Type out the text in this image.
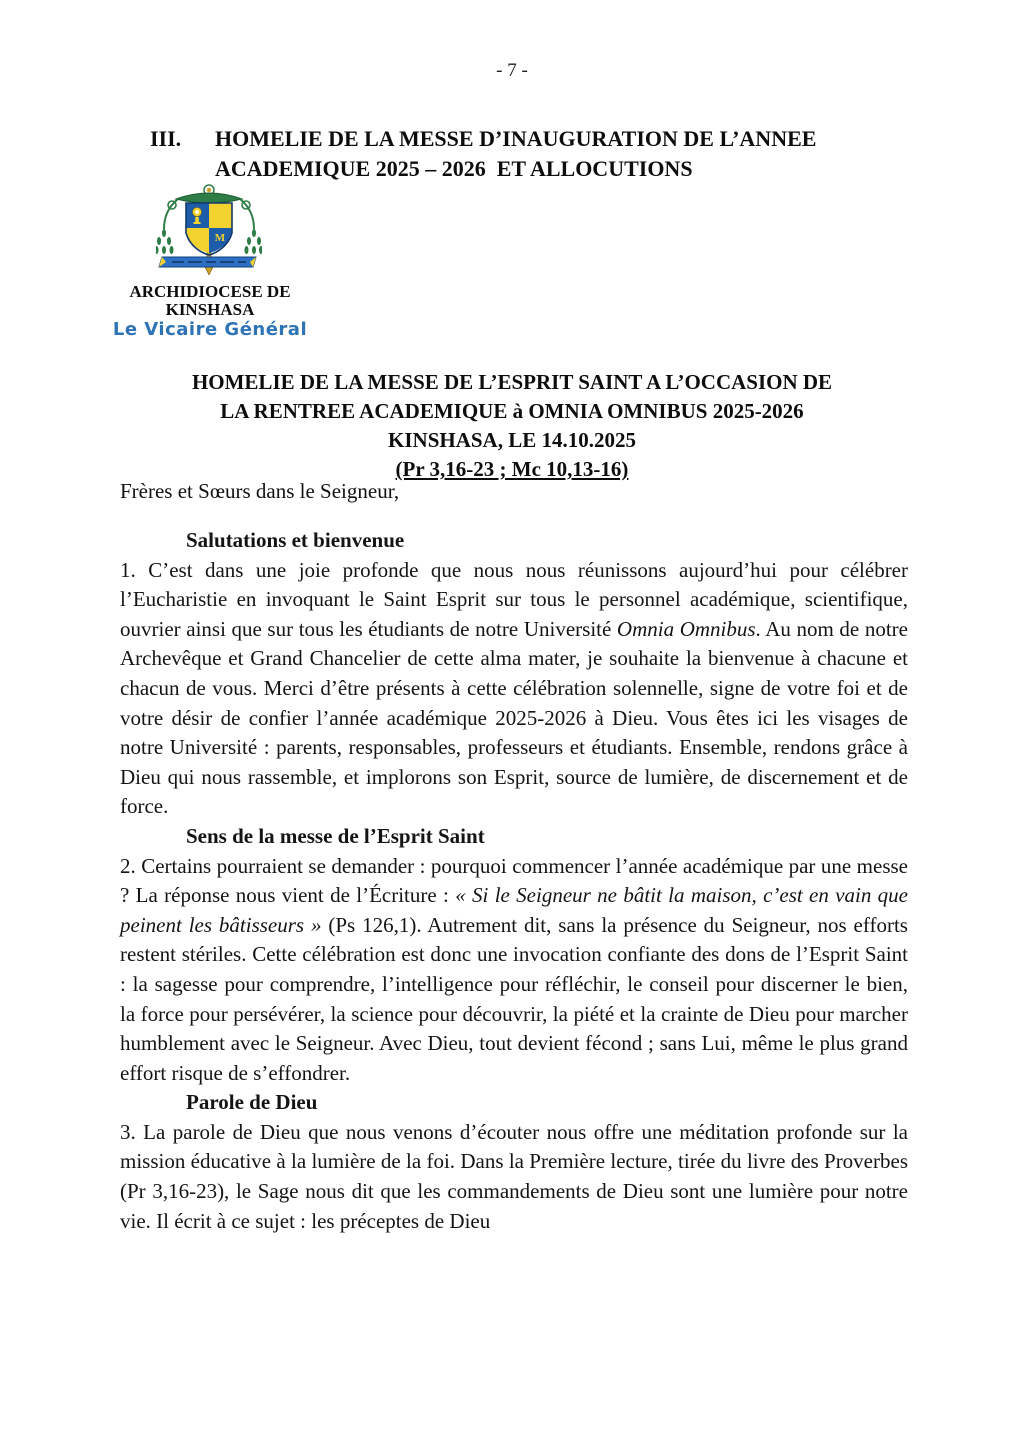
- 7 -
III.	HOMELIE DE LA MESSE D’INAUGURATION DE L’ANNEE ACADEMIQUE 2025 – 2026  ET ALLOCUTIONS
M
ARCHIDIOCESE DE
KINSHASA
Le Vicaire Général
HOMELIE DE LA MESSE DE L’ESPRIT SAINT A L’OCCASION DE
LA RENTREE ACADEMIQUE à OMNIA OMNIBUS 2025-2026
KINSHASA, LE 14.10.2025
(Pr 3,16-23 ; Mc 10,13-16)
Frères et Sœurs dans le Seigneur,

Salutations et bienvenue

1. C’est dans une joie profonde que nous nous réunissons aujourd’hui pour célébrer l’Eucharistie en invoquant le Saint Esprit sur tous le personnel académique, scientifique, ouvrier ainsi que sur tous les étudiants de notre Université Omnia Omnibus. Au nom de notre Archevêque et Grand Chancelier de cette alma mater, je souhaite la bienvenue à chacune et chacun de vous. Merci d’être présents à cette célébration solennelle, signe de votre foi et de votre désir de confier l’année académique 2025-2026 à Dieu. Vous êtes ici les visages de notre Université : parents, responsables, professeurs et étudiants. Ensemble, rendons grâce à Dieu qui nous rassemble, et implorons son Esprit, source de lumière, de discernement et de force.

Sens de la messe de l’Esprit Saint

2. Certains pourraient se demander : pourquoi commencer l’année académique par une messe ? La réponse nous vient de l’Écriture : « Si le Seigneur ne bâtit la maison, c’est en vain que peinent les bâtisseurs » (Ps 126,1). Autrement dit, sans la présence du Seigneur, nos efforts restent stériles. Cette célébration est donc une invocation confiante des dons de l’Esprit Saint : la sagesse pour comprendre, l’intelligence pour réfléchir, le conseil pour discerner le bien, la force pour persévérer, la science pour découvrir, la piété et la crainte de Dieu pour marcher humblement avec le Seigneur. Avec Dieu, tout devient fécond ; sans Lui, même le plus grand effort risque de s’effondrer.

Parole de Dieu

3. La parole de Dieu que nous venons d’écouter nous offre une méditation profonde sur la mission éducative à la lumière de la foi. Dans la Première lecture, tirée du livre des Proverbes (Pr 3,16-23), le Sage nous dit que les commandements de Dieu sont une lumière pour notre vie. Il écrit à ce sujet : les préceptes de Dieu
